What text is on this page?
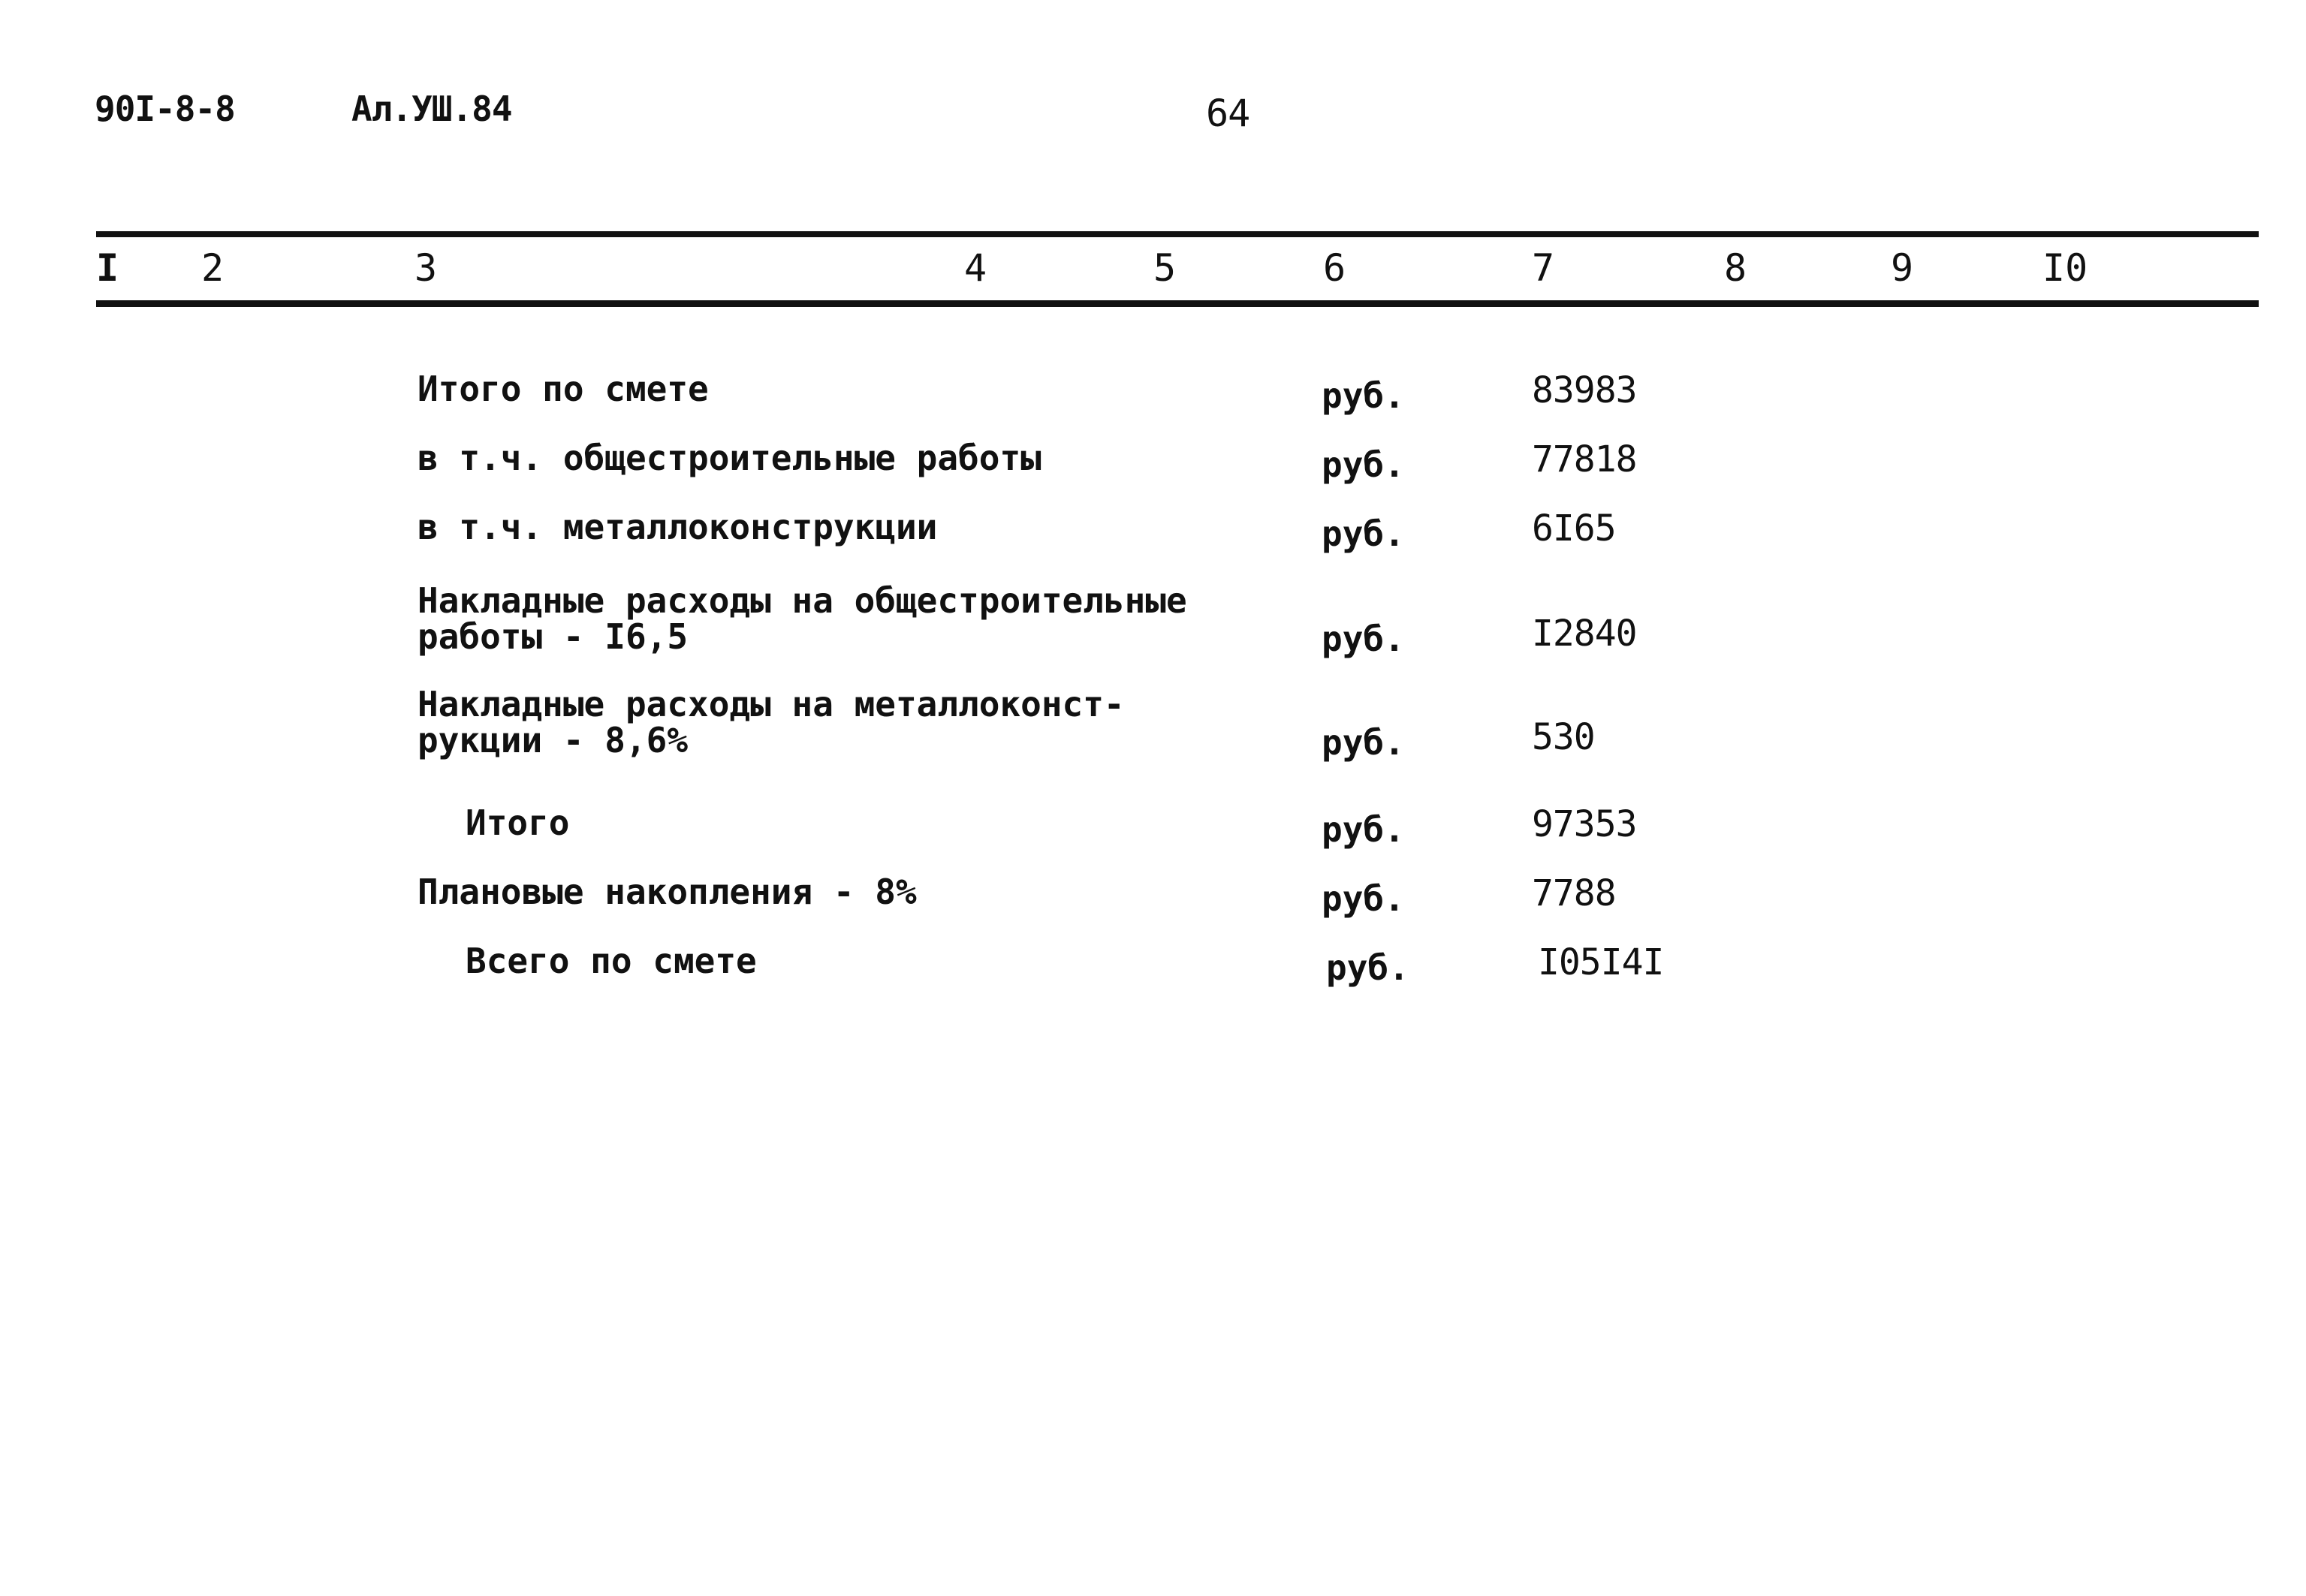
90I-8-8	Ал.УШ.84	64
I 2	3	4	5	6	7	8	9	I0
Итого по смете	руб.	83983
в т.ч. общестроительные работы	руб.	77818
в т.ч. металлоконструкции	руб.	6I65
Накладные расходы на общестроительные
работы - I6,5	руб.	I2840
Накладные расходы на металлоконст-
рукции - 8,6%	руб.	530
Итого	руб.	97353
Плановые накопления - 8%	руб.	7788
Всего по смете	руб.	I05I4I
